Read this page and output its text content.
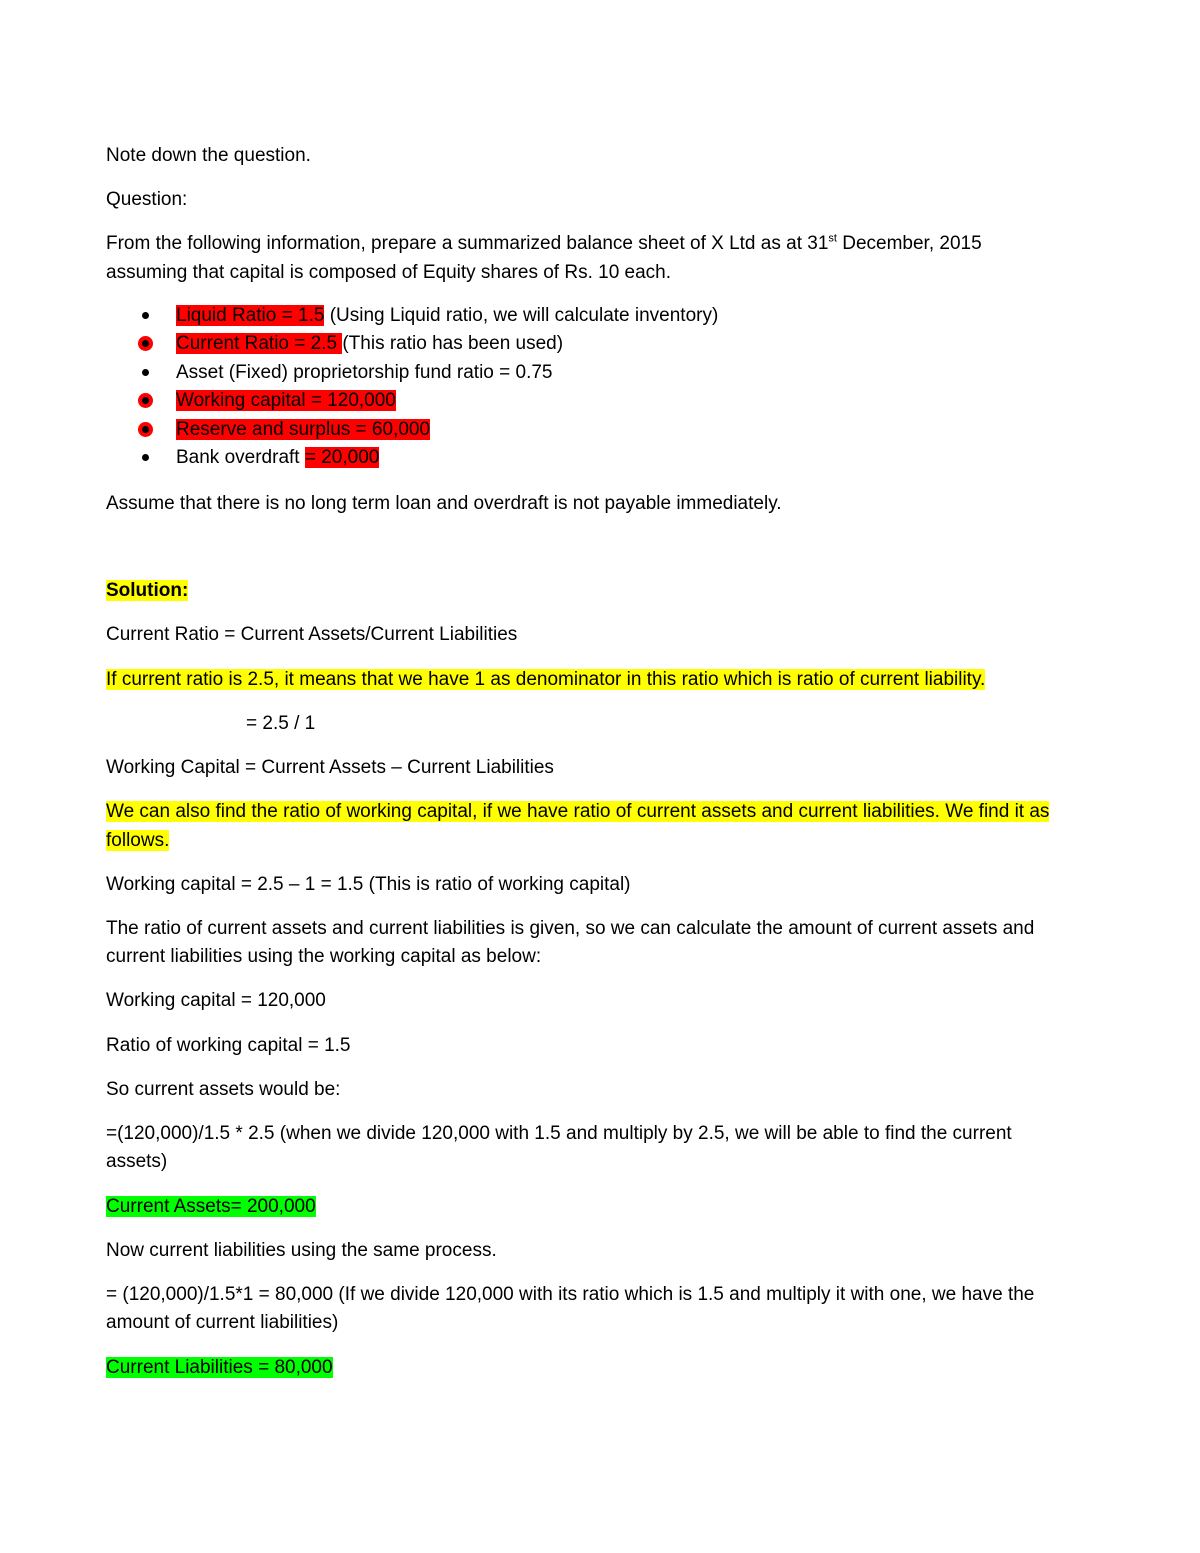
Note down the question.
Question:
From the following information, prepare a summarized balance sheet of X Ltd as at 31st December, 2015
assuming that capital is composed of Equity shares of Rs. 10 each.
Liquid Ratio = 1.5 (Using Liquid ratio, we will calculate inventory)
Current Ratio = 2.5 (This ratio has been used)
Asset (Fixed) proprietorship fund ratio = 0.75
Working capital = 120,000
Reserve and surplus = 60,000
Bank overdraft = 20,000
Assume that there is no long term loan and overdraft is not payable immediately.
Solution:
Current Ratio = Current Assets/Current Liabilities
If current ratio is 2.5, it means that we have 1 as denominator in this ratio which is ratio of current liability.
= 2.5 / 1
Working Capital = Current Assets – Current Liabilities
We can also find the ratio of working capital, if we have ratio of current assets and current liabilities. We find it as
follows.
Working capital = 2.5 – 1 = 1.5 (This is ratio of working capital)
The ratio of current assets and current liabilities is given, so we can calculate the amount of current assets and
current liabilities using the working capital as below:
Working capital = 120,000
Ratio of working capital = 1.5
So current assets would be:
=(120,000)/1.5 * 2.5 (when we divide 120,000 with 1.5 and multiply by 2.5, we will be able to find the current
assets)
Current Assets= 200,000
Now current liabilities using the same process.
= (120,000)/1.5*1 = 80,000 (If we divide 120,000 with its ratio which is 1.5 and multiply it with one, we have the
amount of current liabilities)
Current Liabilities = 80,000
